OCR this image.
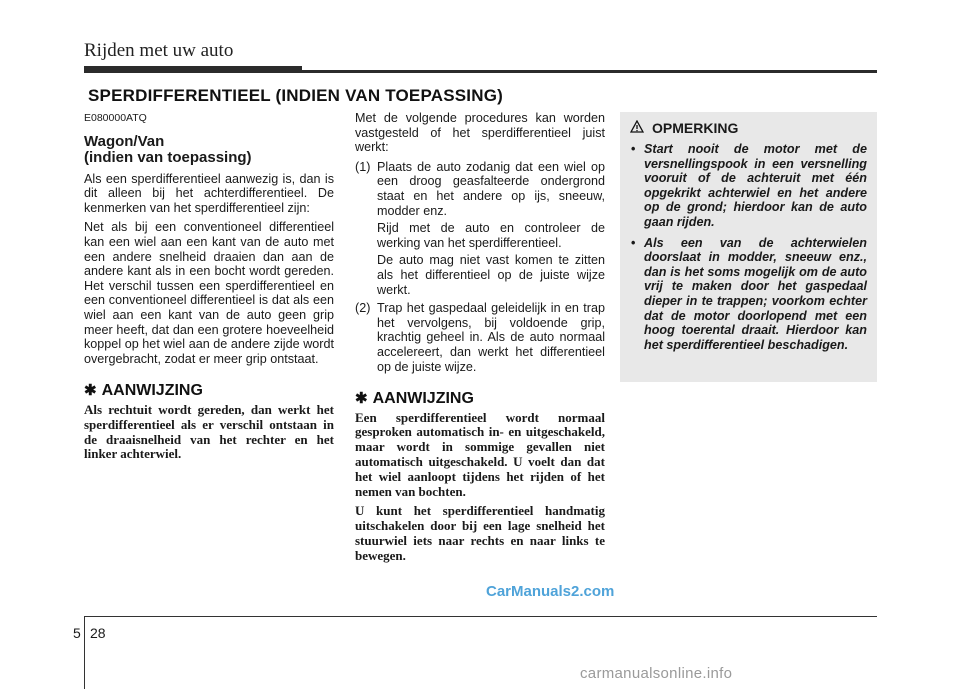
Rijden met uw auto
SPERDIFFERENTIEEL (INDIEN VAN TOEPASSING)
E080000ATQ
Wagon/Van
(indien van toepassing)

Als een sperdifferentieel aanwezig is, dan is dit alleen bij het achterdifferentieel. De kenmerken van het sperdifferentieel zijn:

Net als bij een conventioneel differentieel kan een wiel aan een kant van de auto met een andere snelheid draaien dan aan de andere kant als in een bocht wordt gereden. Het verschil tussen een sperdifferentieel en een conventioneel differentieel is dat als een wiel aan een kant van de auto geen grip meer heeft, dat dan een grotere hoeveelheid koppel op het wiel aan de andere zijde wordt overgebracht, zodat er meer grip ontstaat.

✱ AANWIJZING

Als rechtuit wordt gereden, dan werkt het sperdifferentieel als er verschil ontstaan in de draaisnelheid van het rechter en het linker achterwiel.

Met de volgende procedures kan worden vastgesteld of het sperdifferentieel juist werkt:

(1) Plaats de auto zodanig dat een wiel op een droog geasfalteerde ondergrond staat en het andere op ijs, sneeuw, modder enz.
Rijd met de auto en controleer de werking van het sperdifferentieel.
De auto mag niet vast komen te zitten als het differentieel op de juiste wijze werkt.
(2) Trap het gaspedaal geleidelijk in en trap het vervolgens, bij voldoende grip, krachtig geheel in. Als de auto normaal accelereert, dan werkt het differentieel op de juiste wijze.
✱ AANWIJZING

Een sperdifferentieel wordt normaal gesproken automatisch in- en uitgeschakeld, maar wordt in sommige gevallen niet automatisch uitgeschakeld. U voelt dan dat het wiel aanloopt tijdens het rijden of het nemen van bochten.

U kunt het sperdifferentieel handmatig uitschakelen door bij een lage snelheid het stuurwiel iets naar rechts en naar links te bewegen.

OPMERKING
• Start nooit de motor met de versnellingspook in een versnelling vooruit of de achteruit met één opgekrikt achterwiel en het andere op de grond; hierdoor kan de auto gaan rijden.
• Als een van de achterwielen doorslaat in modder, sneeuw enz., dan is het soms mogelijk om de auto vrij te maken door het gaspedaal dieper in te trappen; voorkom echter dat de motor doorlopend met een hoog toerental draait. Hierdoor kan het sperdifferentieel beschadigen.
CarManuals2.com
5 28
carmanualsonline.info
